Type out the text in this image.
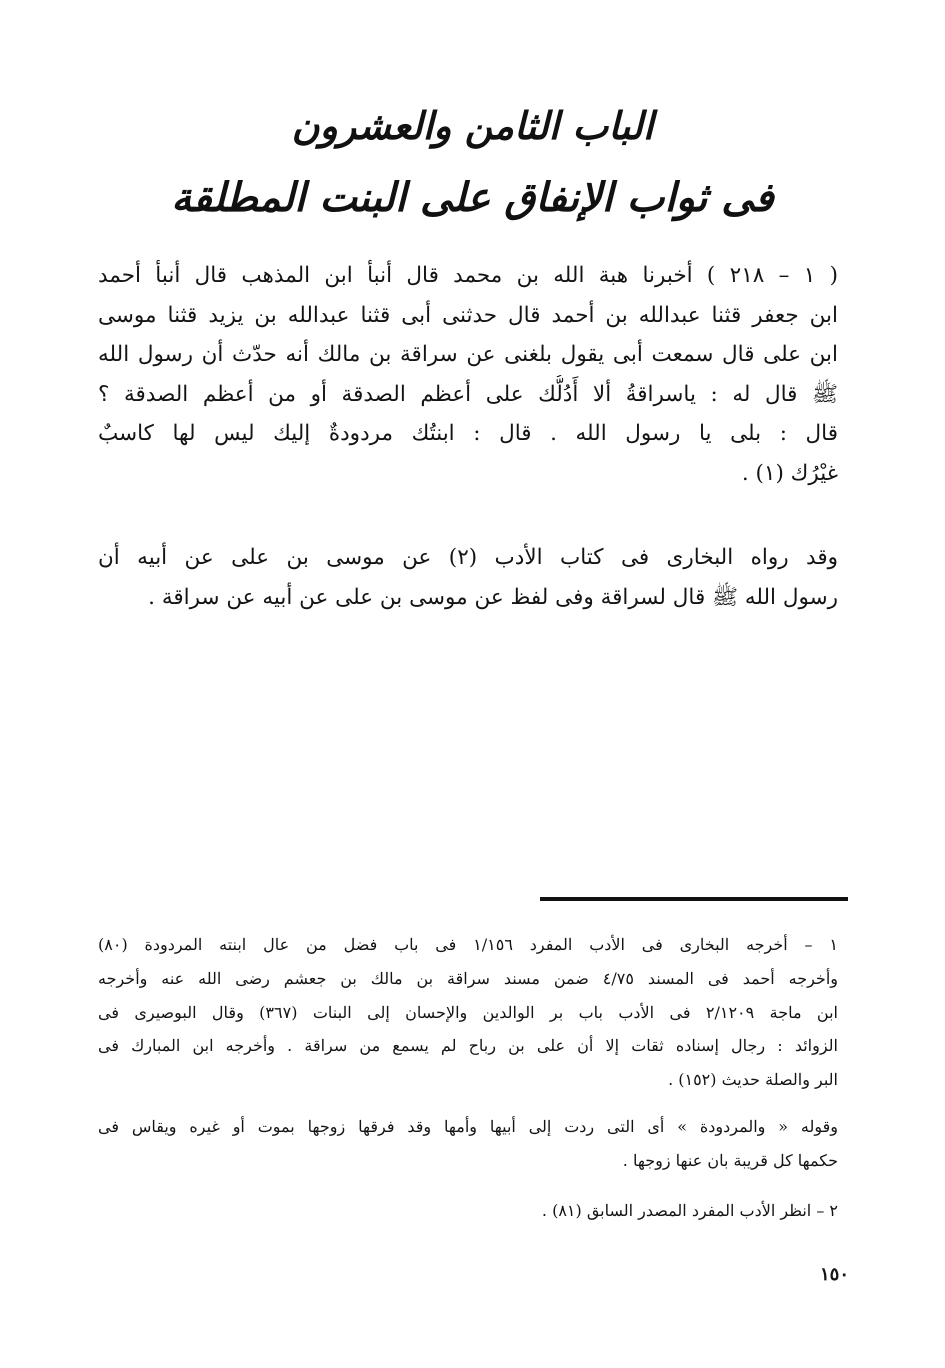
الباب الثامن والعشرون
فى ثواب الإنفاق على البنت المطلقة
( ١ – ٢١٨ ) أخبرنا هبة الله بن محمد قال أنبأ ابن المذهب قال أنبأ أحمد
ابن جعفر قثنا عبدالله بن أحمد قال حدثنى أبى قثنا عبدالله بن يزيد قثنا موسى
ابن على قال سمعت أبى يقول بلغنى عن سراقة بن مالك أنه حدّث أن رسول الله
ﷺ قال له : ياسراقةُ ألا أَدُلُّك على أعظم الصدقة أو من أعظم الصدقة ؟
قال : بلى يا رسول الله . قال : ابنتُك مردودةٌ إليك ليس لها كاسبٌ
غيْرُك (١) .
وقد رواه البخارى فى كتاب الأدب (٢) عن موسى بن على عن أبيه أن
رسول الله ﷺ قال لسراقة وفى لفظ عن موسى بن على عن أبيه عن سراقة .
١ – أخرجه البخارى فى الأدب المفرد ١/١٥٦ فى باب فضل من عال ابنته المردودة (٨٠)
وأخرجه أحمد فى المسند ٤/٧٥ ضمن مسند سراقة بن مالك بن جعشم رضى الله عنه وأخرجه
ابن ماجة ٢/١٢٠٩ فى الأدب باب بر الوالدين والإحسان إلى البنات (٣٦٧) وقال البوصيرى فى
الزوائد : رجال إسناده ثقات إلا أن على بن رباح لم يسمع من سراقة . وأخرجه ابن المبارك فى
البر والصلة حديث (١٥٢) .
وقوله « والمردودة » أى التى ردت إلى أبيها وأمها وقد فرقها زوجها بموت أو غيره ويقاس فى
حكمها كل قريبة بان عنها زوجها .
٢ – انظر الأدب المفرد المصدر السابق (٨١) .
١٥٠
